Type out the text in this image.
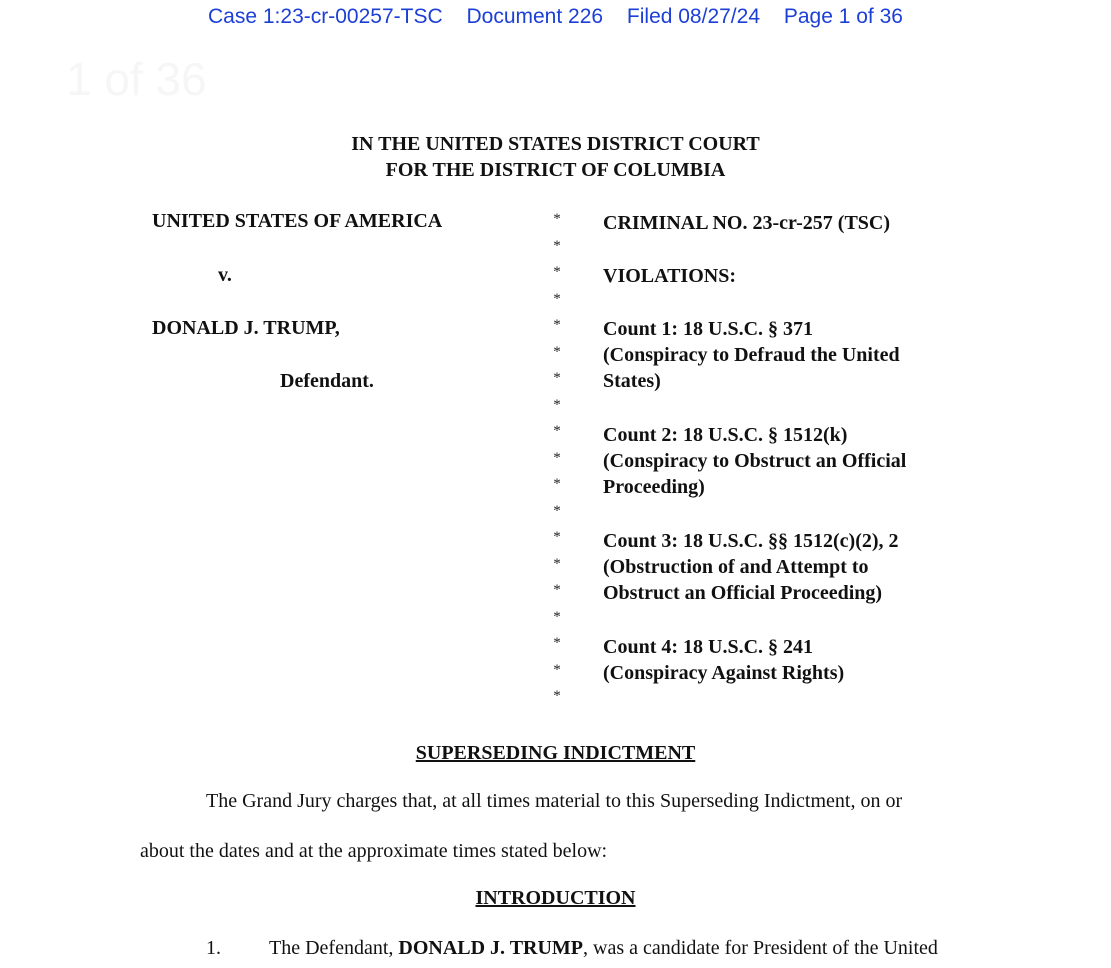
Case 1:23-cr-00257-TSC Document 226 Filed 08/27/24 Page 1 of 36
1 of 36
IN THE UNITED STATES DISTRICT COURT
FOR THE DISTRICT OF COLUMBIA
UNITED STATES OF AMERICA
v.
DONALD J. TRUMP,
Defendant.
*
*
*
*
*
*
*
*
*
*
*
*
*
*
*
*
*
*
*
CRIMINAL NO. 23-cr-257 (TSC)
VIOLATIONS:
Count 1: 18 U.S.C. § 371
(Conspiracy to Defraud the United
States)
Count 2: 18 U.S.C. § 1512(k)
(Conspiracy to Obstruct an Official
Proceeding)
Count 3: 18 U.S.C. §§ 1512(c)(2), 2
(Obstruction of and Attempt to
Obstruct an Official Proceeding)
Count 4: 18 U.S.C. § 241
(Conspiracy Against Rights)
SUPERSEDING INDICTMENT
The Grand Jury charges that, at all times material to this Superseding Indictment, on or
about the dates and at the approximate times stated below:
INTRODUCTION
1. The Defendant, DONALD J. TRUMP, was a candidate for President of the United
